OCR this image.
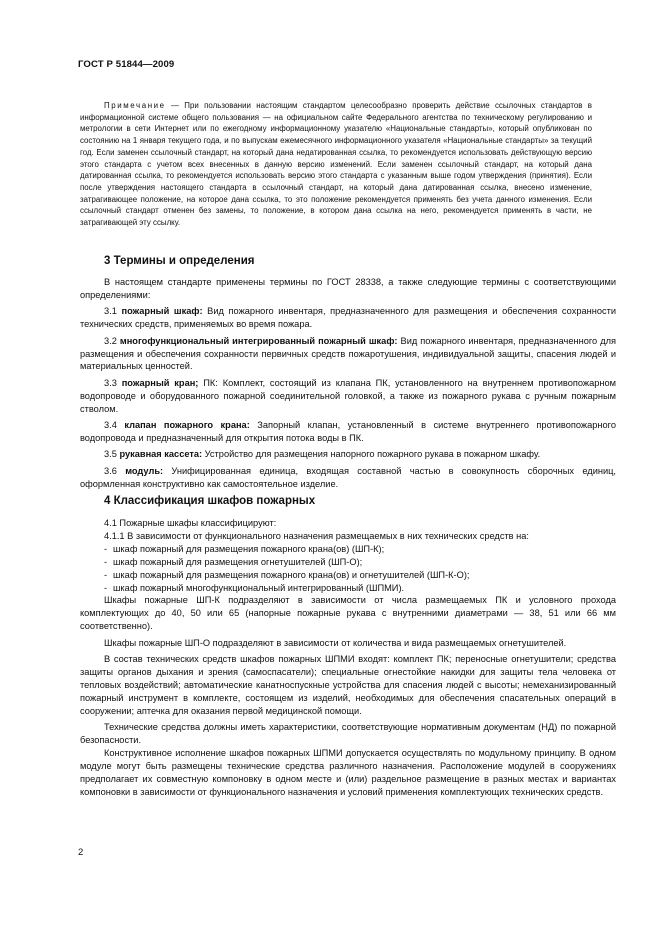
ГОСТ Р 51844—2009
Примечание — При пользовании настоящим стандартом целесообразно проверить действие ссылочных стандартов в информационной системе общего пользования — на официальном сайте Федерального агентства по техническому регулированию и метрологии в сети Интернет или по ежегодному информационному указателю «Национальные стандарты», который опубликован по состоянию на 1 января текущего года, и по выпускам ежемесячного информационного указателя «Национальные стандарты» за текущий год. Если заменен ссылочный стандарт, на который дана недатированная ссылка, то рекомендуется использовать действующую версию этого стандарта с учетом всех внесенных в данную версию изменений. Если заменен ссылочный стандарт, на который дана датированная ссылка, то рекомендуется использовать версию этого стандарта с указанным выше годом утверждения (принятия). Если после утверждения настоящего стандарта в ссылочный стандарт, на который дана датированная ссылка, внесено изменение, затрагивающее положение, на которое дана ссылка, то это положение рекомендуется применять без учета данного изменения. Если ссылочный стандарт отменен без замены, то положение, в котором дана ссылка на него, рекомендуется применять в части, не затрагивающей эту ссылку.
3 Термины и определения

В настоящем стандарте применены термины по ГОСТ 28338, а также следующие термины с соответствующими определениями:

3.1 пожарный шкаф: Вид пожарного инвентаря, предназначенного для размещения и обеспечения сохранности технических средств, применяемых во время пожара.

3.2 многофункциональный интегрированный пожарный шкаф: Вид пожарного инвентаря, предназначенного для размещения и обеспечения сохранности первичных средств пожаротушения, индивидуальной защиты, спасения людей и материальных ценностей.

3.3 пожарный кран; ПК: Комплект, состоящий из клапана ПК, установленного на внутреннем противопожарном водопроводе и оборудованного пожарной соединительной головкой, а также из пожарного рукава с ручным пожарным стволом.

3.4 клапан пожарного крана: Запорный клапан, установленный в системе внутреннего противопожарного водопровода и предназначенный для открытия потока воды в ПК.

3.5 рукавная кассета: Устройство для размещения напорного пожарного рукава в пожарном шкафу.

3.6 модуль: Унифицированная единица, входящая составной частью в совокупность сборочных единиц, оформленная конструктивно как самостоятельное изделие.

4 Классификация шкафов пожарных

4.1 Пожарные шкафы классифицируют:

4.1.1 В зависимости от функционального назначения размещаемых в них технических средств на:

- шкаф пожарный для размещения пожарного крана(ов) (ШП-К);

- шкаф пожарный для размещения огнетушителей (ШП-О);

- шкаф пожарный для размещения пожарного крана(ов) и огнетушителей (ШП-К-О);

- шкаф пожарный многофункциональный интегрированный (ШПМИ).

Шкафы пожарные ШП-К подразделяют в зависимости от числа размещаемых ПК и условного прохода комплектующих до 40, 50 или 65 (напорные пожарные рукава с внутренними диаметрами — 38, 51 или 66 мм соответственно).

Шкафы пожарные ШП-О подразделяют в зависимости от количества и вида размещаемых огнетушителей.

В состав технических средств шкафов пожарных ШПМИ входят: комплект ПК; переносные огнетушители; средства защиты органов дыхания и зрения (самоспасатели); специальные огнестойкие накидки для защиты тела человека от тепловых воздействий; автоматические канатноспускные устройства для спасения людей с высоты; немеханизированный пожарный инструмент в комплекте, состоящем из изделий, необходимых для обеспечения спасательных операций в сооружении; аптечка для оказания первой медицинской помощи.

Технические средства должны иметь характеристики, соответствующие нормативным документам (НД) по пожарной безопасности.

Конструктивное исполнение шкафов пожарных ШПМИ допускается осуществлять по модульному принципу. В одном модуле могут быть размещены технические средства различного назначения. Расположение модулей в сооружениях предполагает их совместную компоновку в одном месте и (или) раздельное размещение в разных местах и вариантах компоновки в зависимости от функционального назначения и условий применения комплектующих технических средств.

2
